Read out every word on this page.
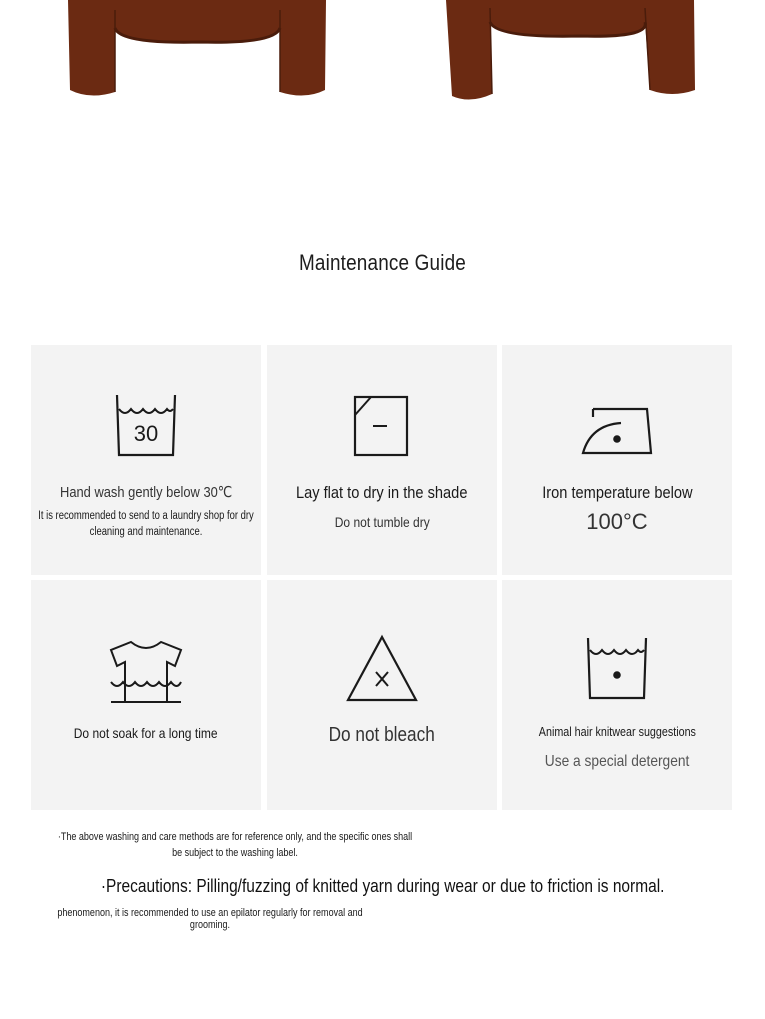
Maintenance Guide
30
Hand wash gently below 30℃
It is recommended to send to a laundry shop for dry cleaning and maintenance.
Lay flat to dry in the shade
Do not tumble dry
Iron temperature below
100°C
Do not soak for a long time	Do not bleach	Animal hair knitwear suggestions
Use a special detergent
·The above washing and care methods are for reference only, and the specific ones shall be subject to the washing label.
·Precautions: Pilling/fuzzing of knitted yarn during wear or due to friction is normal.
phenomenon, it is recommended to use an epilator regularly for removal and grooming.
